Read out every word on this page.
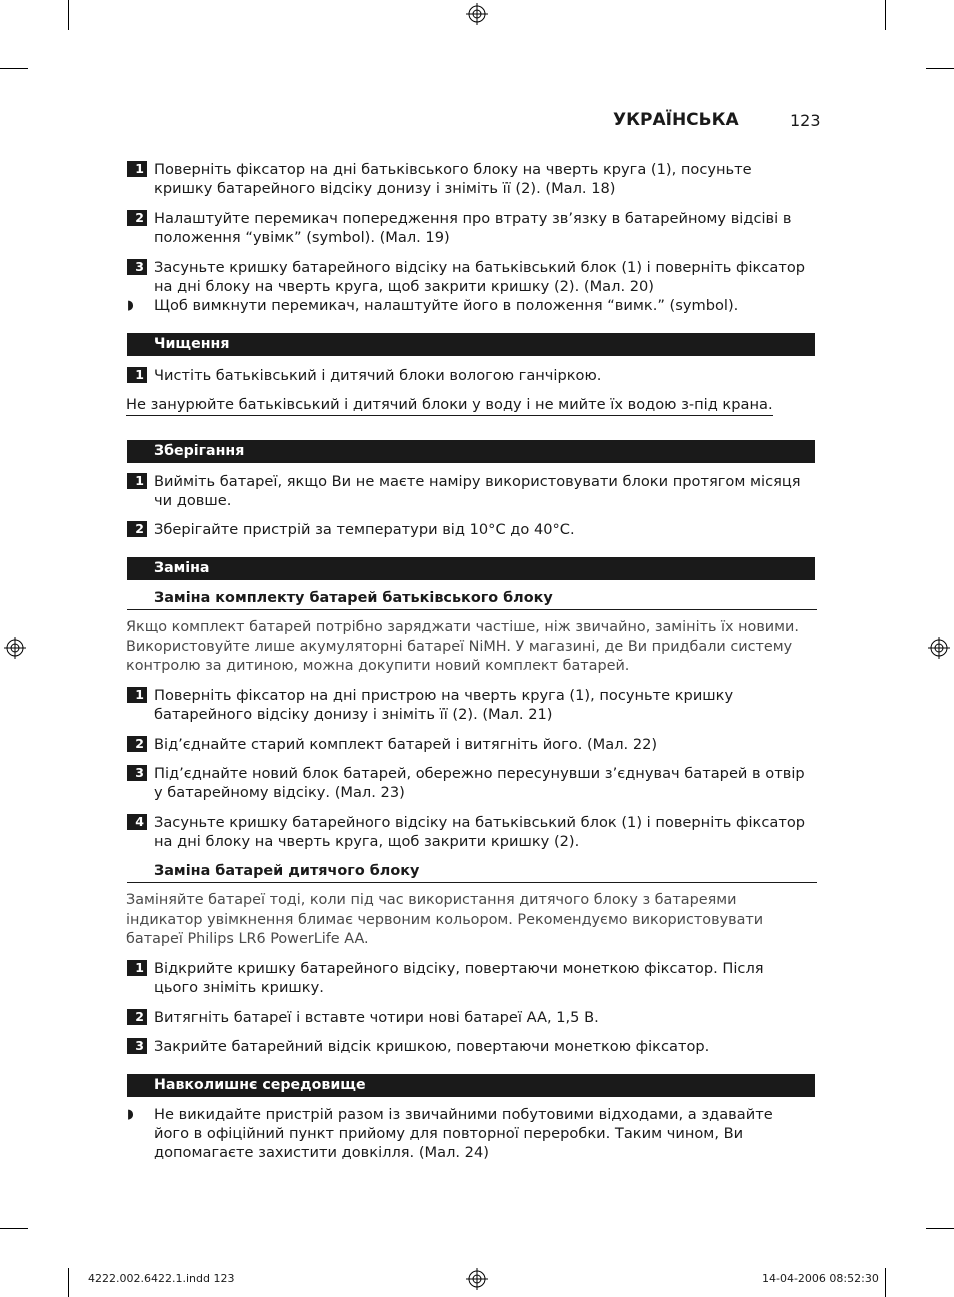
УКРАЇНСЬКА	123
1 Поверніть фіксатор на дні батьківського блоку на чверть круга (1), посуньте кришку батарейного відсіку донизу і зніміть її (2). (Мал. 18)
2 Налаштуйте перемикач попередження про втрату зв’язку в батарейному відсіві в положення “увімк” (symbol). (Мал. 19)
3 Засуньте кришку батарейного відсіку на батьківський блок (1) і поверніть фіксатор на дні блоку на чверть круга, щоб закрити кришку (2). (Мал. 20)
◗ Щоб вимкнути перемикач, налаштуйте його в положення “вимк.” (symbol).
Чищення
1 Чистіть батьківський і дитячий блоки вологою ганчіркою.
Не занурюйте батьківський і дитячий блоки у воду і не мийте їх водою з-під крана.
Зберігання
1 Вийміть батареї, якщо Ви не маєте наміру використовувати блоки протягом місяця чи довше.
2 Зберігайте пристрій за температури від 10°C до 40°C.
Заміна
Заміна комплекту батарей батьківського блоку
Якщо комплект батарей потрібно заряджати частіше, ніж звичайно, замініть їх новими. Використовуйте лише акумуляторні батареї NiMH. У магазині, де Ви придбали систему контролю за дитиною, можна докупити новий комплект батарей.
1 Поверніть фіксатор на дні пристрою на чверть круга (1), посуньте кришку батарейного відсіку донизу і зніміть її (2). (Мал. 21)
2 Від’єднайте старий комплект батарей і витягніть його. (Мал. 22)
3 Під’єднайте новий блок батарей, обережно пересунувши з’єднувач батарей в отвір у батарейному відсіку. (Мал. 23)
4 Засуньте кришку батарейного відсіку на батьківський блок (1) і поверніть фіксатор на дні блоку на чверть круга, щоб закрити кришку (2).
Заміна батарей дитячого блоку
Заміняйте батареї тоді, коли під час використання дитячого блоку з батареями індикатор увімкнення блимає червоним кольором. Рекомендуємо використовувати батареї Philips LR6 PowerLife AA.
1 Відкрийте кришку батарейного відсіку, повертаючи монеткою фіксатор. Після цього зніміть кришку.
2 Витягніть батареї і вставте чотири нові батареї AA, 1,5 В.
3 Закрийте батарейний відсік кришкою, повертаючи монеткою фіксатор.
Навколишнє середовище
◗ Не викидайте пристрій разом із звичайними побутовими відходами, а здавайте його в офіційний пункт прийому для повторної переробки. Таким чином, Ви допомагаєте захистити довкілля. (Мал. 24)
4222.002.6422.1.indd 123	14-04-2006 08:52:30
